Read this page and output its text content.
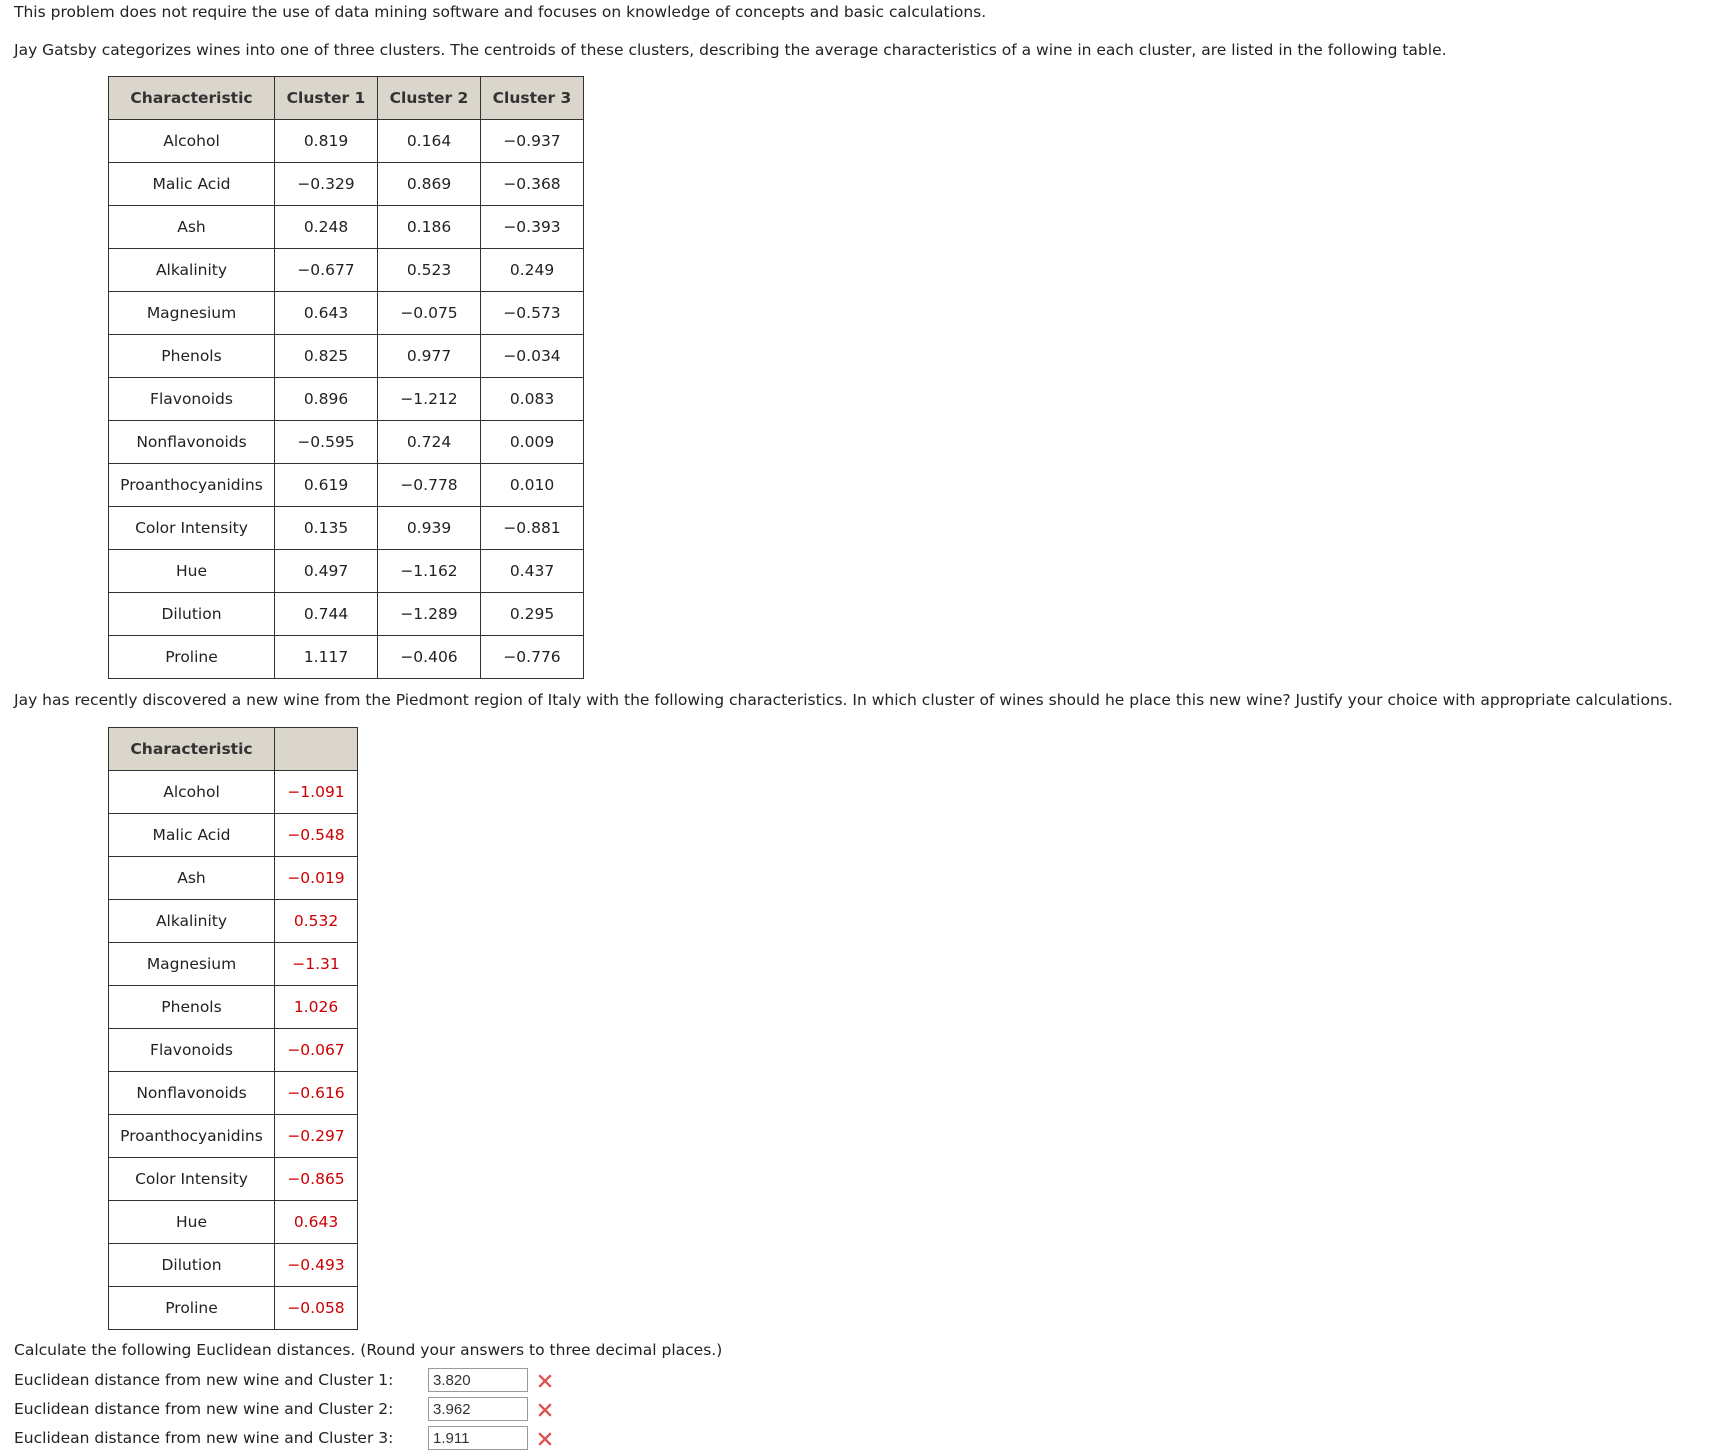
This problem does not require the use of data mining software and focuses on knowledge of concepts and basic calculations.

Jay Gatsby categorizes wines into one of three clusters. The centroids of these clusters, describing the average characteristics of a wine in each cluster, are listed in the following table.

Characteristic	Cluster 1	Cluster 2	Cluster 3
Alcohol	0.819	0.164	−0.937
Malic Acid	−0.329	0.869	−0.368
Ash	0.248	0.186	−0.393
Alkalinity	−0.677	0.523	0.249
Magnesium	0.643	−0.075	−0.573
Phenols	0.825	0.977	−0.034
Flavonoids	0.896	−1.212	0.083
Nonflavonoids	−0.595	0.724	0.009
Proanthocyanidins	0.619	−0.778	0.010
Color Intensity	0.135	0.939	−0.881
Hue	0.497	−1.162	0.437
Dilution	0.744	−1.289	0.295
Proline	1.117	−0.406	−0.776

Jay has recently discovered a new wine from the Piedmont region of Italy with the following characteristics. In which cluster of wines should he place this new wine? Justify your choice with appropriate calculations.

Characteristic	
Alcohol	−1.091
Malic Acid	−0.548
Ash	−0.019
Alkalinity	0.532
Magnesium	−1.31
Phenols	1.026
Flavonoids	−0.067
Nonflavonoids	−0.616
Proanthocyanidins	−0.297
Color Intensity	−0.865
Hue	0.643
Dilution	−0.493
Proline	−0.058

Calculate the following Euclidean distances. (Round your answers to three decimal places.)

Euclidean distance from new wine and Cluster 1:
3.820
Euclidean distance from new wine and Cluster 2:
3.962
Euclidean distance from new wine and Cluster 3:
1.911
